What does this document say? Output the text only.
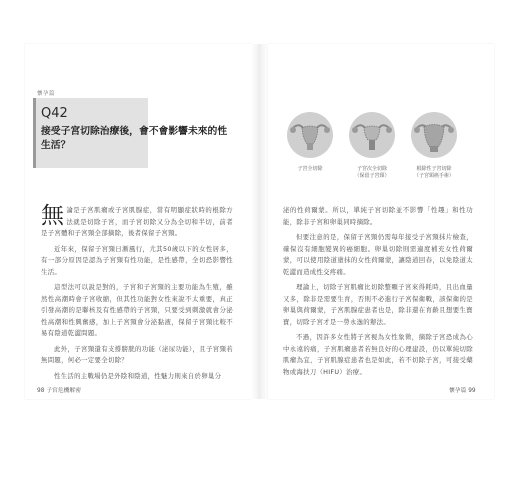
懷孕篇
Q42
接受子宮切除治療後，會不會影響未來的性生活？

無論是子宮肌瘤或子宮肌腺症，當有明顯症狀時的根除方法就是切除子宮，而子宮切除又分為全切和半切，前者是子宮體和子宮頸全部摘除，後者保留子宮頸。

近年來，保留子宮頸日漸風行，尤其50歲以下的女性居多，有一部分原因是認為子宮頸有性功能，是性感帶，全切恐影響性生活。

這型法可以說是對的，子宮和子宮頸的主要功能為生殖，雖然性高潮時會子宮收縮，但其性功能對女性來說不太重要，真正引發高潮的是聯核及有性感帶的子宮頸，只要受到刺激就會分泌性高潮和性興奮感，加上子宮頸會分泌黏液，保留子宮頸比較不易有陰道乾澀問題。

此外，子宮頸還有支撐膀胱的功能（泌尿功能），且子宮頸若無問題，何必一定要全切除？

性生活的主戰場仍是外陰和陰道，性魅力則來自於卵巢分

98 子宮危機解密
子宮全切除	子宮次全切除
（保留子宮頸）
根除性子宮切除
（子宮頸癌手術）

泌的性荷爾蒙。所以，單純子宮切除並不影響「性趣」和性功能，除非子宮和卵巢同時摘除。

但要注意的是，保留子宮頸仍需每年接受子宮頸抹片檢查，確保沒有細胞變異的癌細胞。卵巢切除則需適度補充女性荷爾蒙，可以使用陰道塗抹的女性荷爾蒙，讓陰道回春，以免陰道太乾澀而造成性交疼痛。

理論上，切除子宮肌瘤比切除整顆子宮來得耗時，且出血量又多，除非是需要生育，否則不必進行子宮保衛戰，該保衛的是卵巢與荷爾蒙，子宮肌腺症患者也是，除非還在育齡且想要生寶寶，切除子宮才是一勞永逸的辦法。

不過，因許多女性將子宮視為女性象徵，摘除子宮恐成為心中永遠的痛，子宮肌瘤患者若無良好的心理建設，仍以單純切除肌瘤為宜，子宮肌腺症患者也是如此，若不切除子宮，可接受藥物或海扶刀（HIFU）治療。

懷孕篇 99
